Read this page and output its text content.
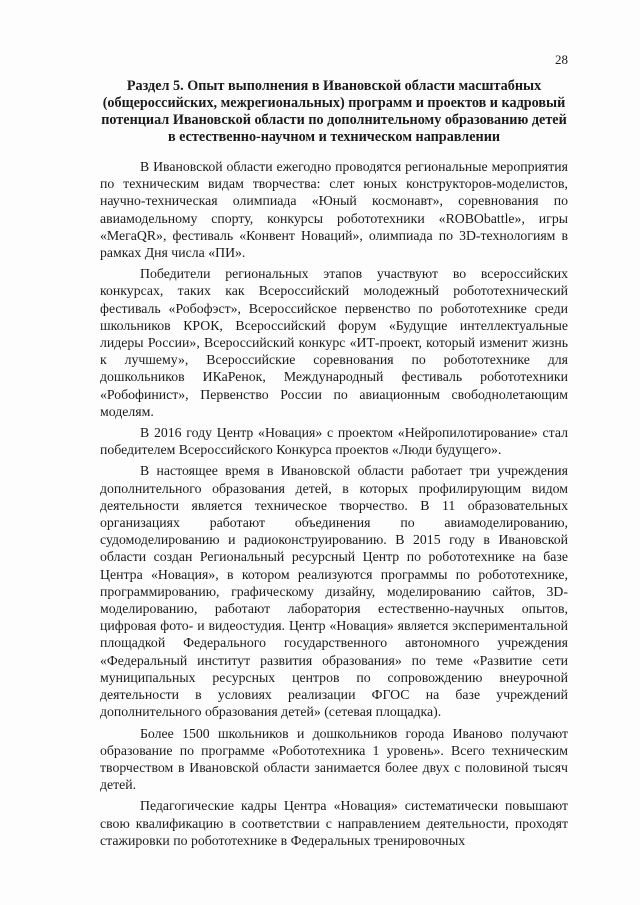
28
Раздел 5. Опыт выполнения в Ивановской области масштабных (общероссийских, межрегиональных) программ и проектов и кадровый потенциал Ивановской области по дополнительному образованию детей в естественно-научном и техническом направлении

В Ивановской области ежегодно проводятся региональные мероприятия по техническим видам творчества: слет юных конструкторов-моделистов, научно-техническая олимпиада «Юный космонавт», соревнования по авиамодельному спорту, конкурсы робототехники «ROBObattle», игры «МегаQR», фестиваль «Конвент Новаций», олимпиада по 3D-технологиям в рамках Дня числа «ПИ».

Победители региональных этапов участвуют во всероссийских конкурсах, таких как Всероссийский молодежный робототехнический фестиваль «Робофэст», Всероссийское первенство по робототехнике среди школьников КРОК, Всероссийский форум «Будущие интеллектуальные лидеры России», Всероссийский конкурс «ИТ-проект, который изменит жизнь к лучшему», Всероссийские соревнования по робототехнике для дошкольников ИКаРенок, Международный фестиваль робототехники «Робофинист», Первенство России по авиационным свободнолетающим моделям.

В 2016 году Центр «Новация» с проектом «Нейропилотирование» стал победителем Всероссийского Конкурса проектов «Люди будущего».

В настоящее время в Ивановской области работает три учреждения дополнительного образования детей, в которых профилирующим видом деятельности является техническое творчество. В 11 образовательных организациях работают объединения по авиамоделированию, судомоделированию и радиоконструированию. В 2015 году в Ивановской области создан Региональный ресурсный Центр по робототехнике на базе Центра «Новация», в котором реализуются программы по робототехнике, программированию, графическому дизайну, моделированию сайтов, 3D-моделированию, работают лаборатория естественно-научных опытов, цифровая фото- и видеостудия. Центр «Новация» является экспериментальной площадкой Федерального государственного автономного учреждения «Федеральный институт развития образования» по теме «Развитие сети муниципальных ресурсных центров по сопровождению внеурочной деятельности в условиях реализации ФГОС на базе учреждений дополнительного образования детей» (сетевая площадка).

Более 1500 школьников и дошкольников города Иваново получают образование по программе «Робототехника 1 уровень». Всего техническим творчеством в Ивановской области занимается более двух с половиной тысяч детей.

Педагогические кадры Центра «Новация» систематически повышают свою квалификацию в соответствии с направлением деятельности, проходят стажировки по робототехнике в Федеральных тренировочных
